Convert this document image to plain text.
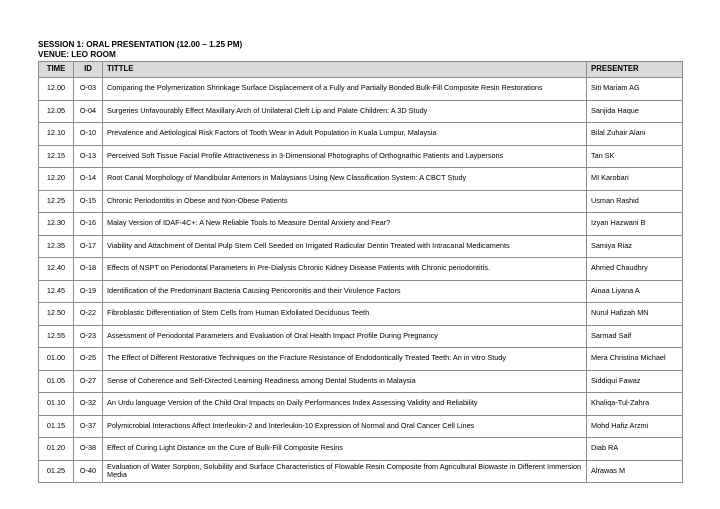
SESSION 1: ORAL PRESENTATION (12.00 – 1.25 PM)
VENUE: LEO ROOM
TIME	ID	TITTLE	PRESENTER
12.00	O-03	Comparing the Polymerization Shrinkage Surface Displacement of a Fully and Partially Bonded Bulk-Fill Composite Resin Restorations	Siti Mariam AG
12.05	O-04	Surgeries Unfavourably Effect Maxillary Arch of Unilateral Cleft Lip and Palate Children: A 3D Study	Sanjida Haque
12.10	O-10	Prevalence and Aetiological Risk Factors of Tooth Wear in Adult Population in Kuala Lumpur, Malaysia	Bilal Zuhair Alani
12.15	O-13	Perceived Soft Tissue Facial Profile Attractiveness in 3-Dimensional Photographs of Orthognathic Patients and Laypersons	Tan SK
12.20	O-14	Root Canal Morphology of Mandibular Anteriors in Malaysians Using New Classification System: A CBCT Study	MI Karobari
12.25	O-15	Chronic Periodontitis in Obese and Non-Obese Patients	Usman Rashid
12.30	O-16	Malay Version of IDAF-4C+: A New Reliable Tools to Measure Dental Anxiety and Fear?	Izyan Hazwani B
12.35	O-17	Viability and Attachment of Dental Pulp Stem Cell Seeded on Irrigated Radicular Dentin Treated with Intracanal Medicaments	Samiya Riaz
12.40	O-18	Effects of NSPT on Periodontal Parameters in Pre-Dialysis Chronic Kidney Disease Patients with Chronic periodontitis.	Ahmed Chaudhry
12.45	O-19	Identification of the Predominant Bacteria Causing Pericoronitis and their Virulence Factors	Ainaa Liyana A
12.50	O-22	Fibroblastic Differentiation of Stem Cells from Human Exfoliated Deciduous Teeth	Nurul Hafizah MN
12.55	O-23	Assessment of Periodontal Parameters and Evaluation of Oral Health Impact Profile During Pregnancy	Sarmad Saif
01.00	O-25	The Effect of Different Restorative Techniques on the Fracture Resistance of Endodontically Treated Teeth: An in vitro Study	Mera Christina Michael
01.05	O-27	Sense of Coherence and Self-Directed Learning Readiness among Dental Students in Malaysia	Siddiqui Fawaz
01.10	O-32	An Urdu language Version of the Child Oral Impacts on Daily Performances Index Assessing Validity and Reliability	Khaliqa-Tul-Zahra
01.15	O-37	Polymicrobial Interactions Affect Interleukin-2 and Interleukin-10 Expression of Normal and Oral Cancer Cell Lines	Mohd Hafiz Arzmi
01.20	O-38	Effect of Curing Light Distance on the Cure of Bulk-Fill Composite Resins	Diab RA
01.25	O-40	Evaluation of Water Sorption, Solubility and Surface Characteristics of Flowable Resin Composite from Agricultural Biowaste in Different Immersion Media	Alrawas M
